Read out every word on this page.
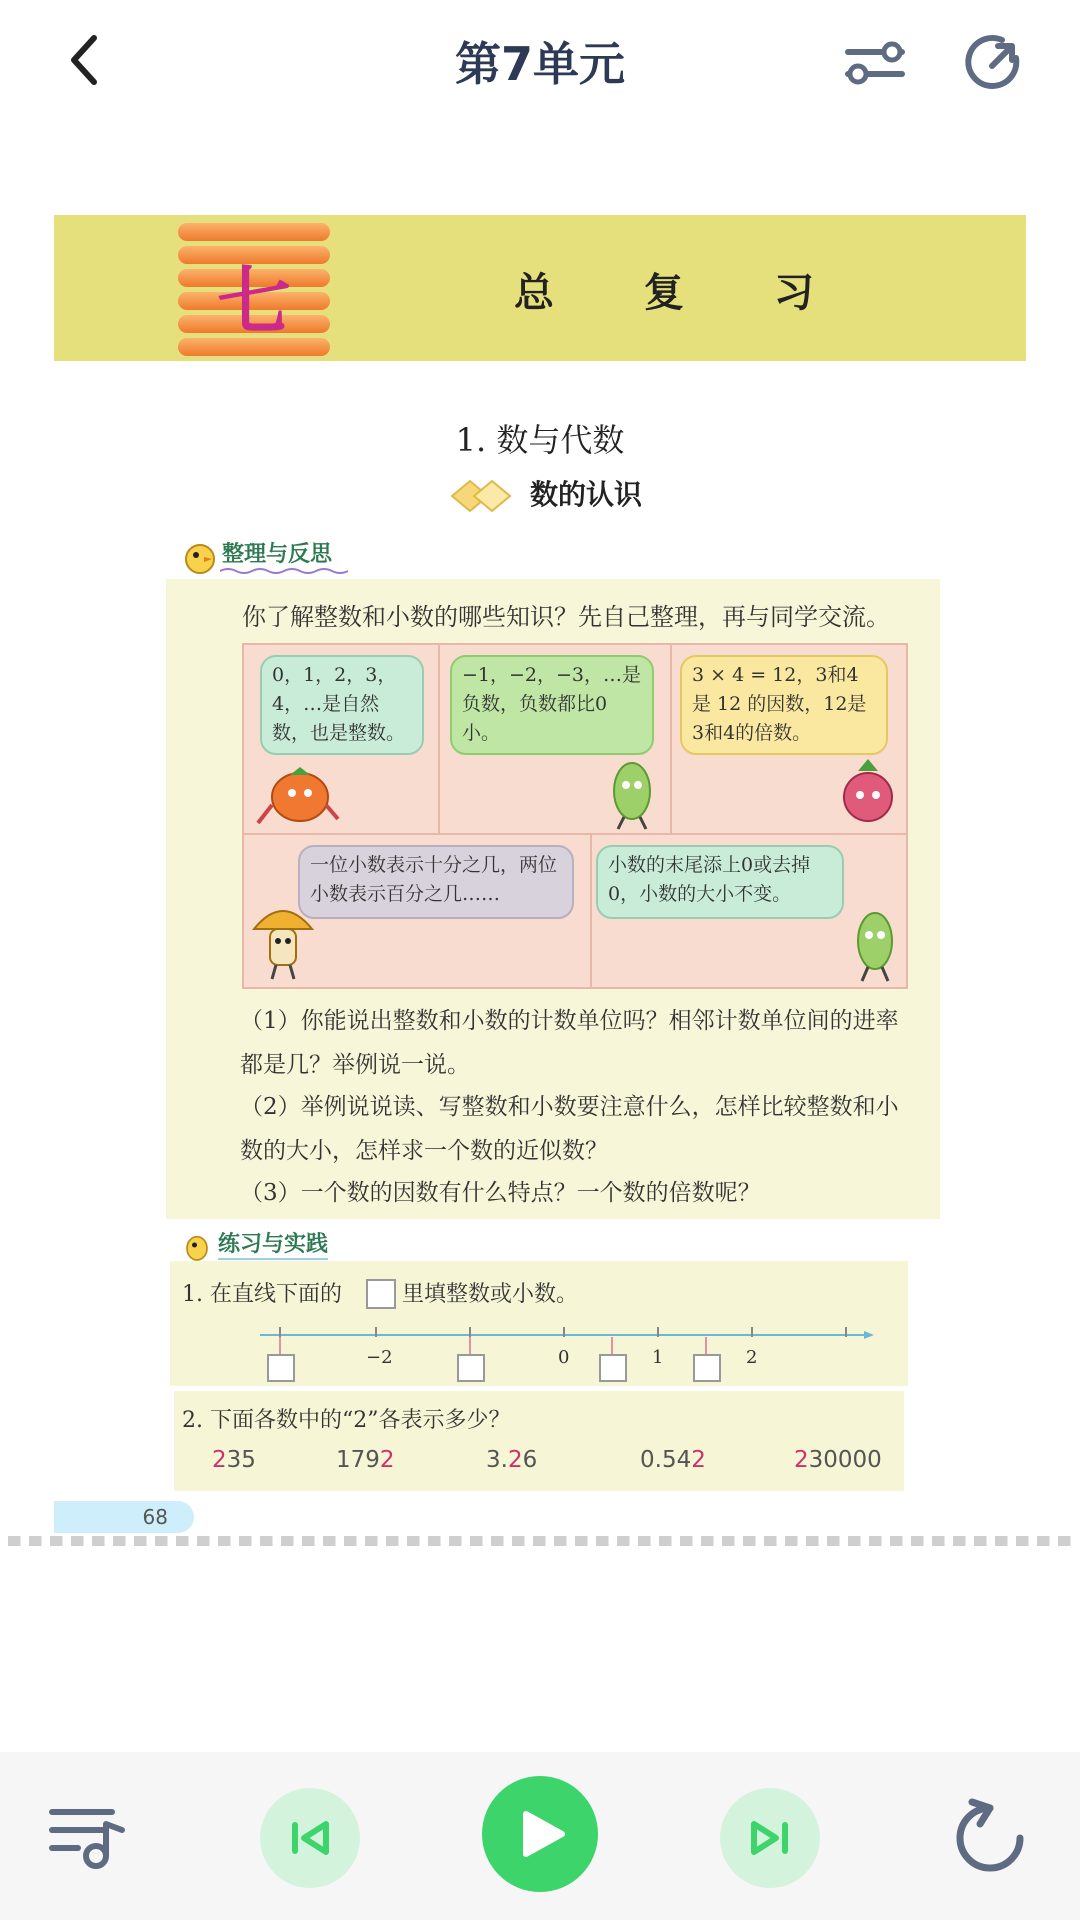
第7单元
七	总 复 习
1. 数与代数
数的认识
整理与反思
你了解整数和小数的哪些知识？先自己整理，再与同学交流。
0，1，2，3，4，…是自然数，也是整数。
−1，−2，−3，…是负数，负数都比0小。
3 × 4 = 12，3和4是 12 的因数，12是3和4的倍数。
一位小数表示十分之几，两位小数表示百分之几……
小数的末尾添上0或去掉0，小数的大小不变。
（1）你能说出整数和小数的计数单位吗？相邻计数单位间的进率都是几？举例说一说。
（2）举例说说读、写整数和小数要注意什么，怎样比较整数和小数的大小，怎样求一个数的近似数？
（3）一个数的因数有什么特点？一个数的倍数呢？
练习与实践
1. 在直线下面的	里填整数或小数。
−2	0	1	2
2. 下面各数中的“2”各表示多少？
235	1792	3.26	0.542	230000
68
